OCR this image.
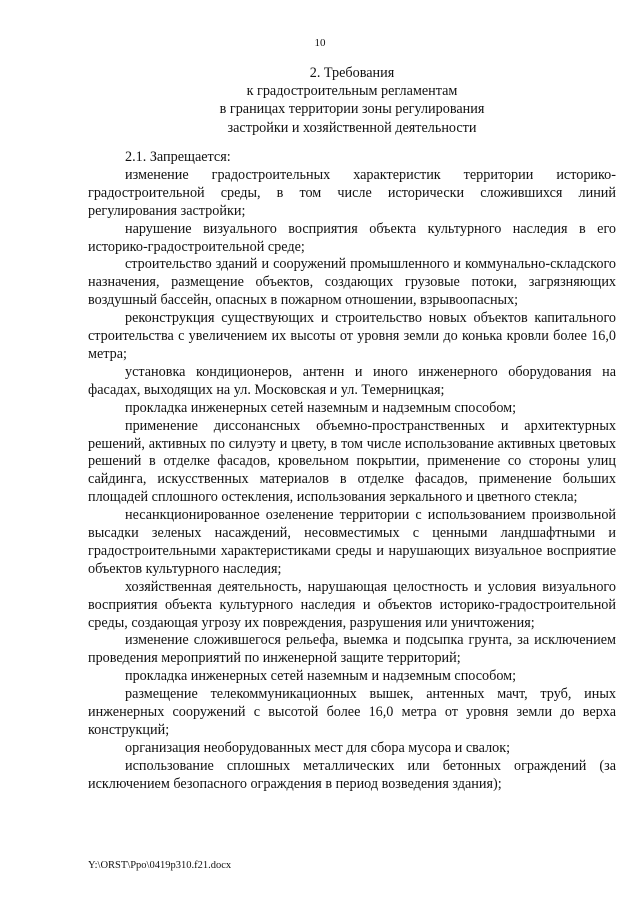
10
2. Требования
к градостроительным регламентам
в границах территории зоны регулирования
застройки и хозяйственной деятельности

2.1. Запрещается:

изменение градостроительных характеристик территории историко-градостроительной среды, в том числе исторически сложившихся линий регулирования застройки;

нарушение визуального восприятия объекта культурного наследия в его историко-градостроительной среде;

строительство зданий и сооружений промышленного и коммунально-складского назначения, размещение объектов, создающих грузовые потоки, загрязняющих воздушный бассейн, опасных в пожарном отношении, взрывоопасных;

реконструкция существующих и строительство новых объектов капитального строительства с увеличением их высоты от уровня земли до конька кровли более 16,0 метра;

установка кондиционеров, антенн и иного инженерного оборудования на фасадах, выходящих на ул. Московская и ул. Темерницкая;

прокладка инженерных сетей наземным и надземным способом;

применение диссонансных объемно-пространственных и архитектурных решений, активных по силуэту и цвету, в том числе использование активных цветовых решений в отделке фасадов, кровельном покрытии, применение со стороны улиц сайдинга, искусственных материалов в отделке фасадов, применение больших площадей сплошного остекления, использования зеркального и цветного стекла;

несанкционированное озеленение территории с использованием произвольной высадки зеленых насаждений, несовместимых с ценными ландшафтными и градостроительными характеристиками среды и нарушающих визуальное восприятие объектов культурного наследия;

хозяйственная деятельность, нарушающая целостность и условия визуального восприятия объекта культурного наследия и объектов историко-градостроительной среды, создающая угрозу их повреждения, разрушения или уничтожения;

изменение сложившегося рельефа, выемка и подсыпка грунта, за исключением проведения мероприятий по инженерной защите территорий;

прокладка инженерных сетей наземным и надземным способом;

размещение телекоммуникационных вышек, антенных мачт, труб, иных инженерных сооружений с высотой более 16,0 метра от уровня земли до верха конструкций;

организация необорудованных мест для сбора мусора и свалок;

использование сплошных металлических или бетонных ограждений (за исключением безопасного ограждения в период возведения здания);

Y:\ORST\Ppo\0419p310.f21.docx
